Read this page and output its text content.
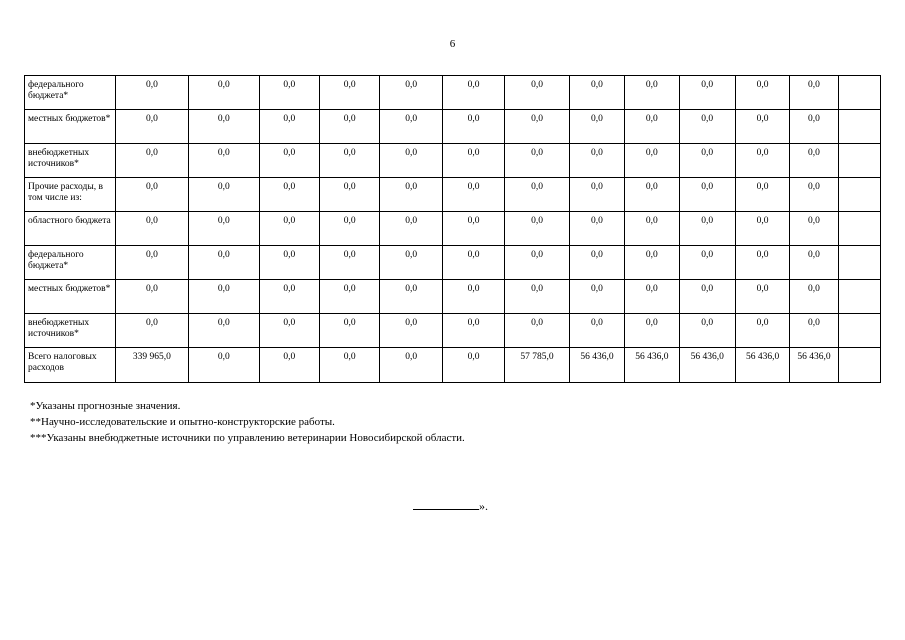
6
федерального бюджета*	0,0	0,0	0,0	0,0	0,0	0,0	0,0	0,0	0,0	0,0	0,0	0,0	
местных бюджетов*	0,0	0,0	0,0	0,0	0,0	0,0	0,0	0,0	0,0	0,0	0,0	0,0	
внебюджетных источников*	0,0	0,0	0,0	0,0	0,0	0,0	0,0	0,0	0,0	0,0	0,0	0,0	
Прочие расходы, в том числе из:	0,0	0,0	0,0	0,0	0,0	0,0	0,0	0,0	0,0	0,0	0,0	0,0	
областного бюджета	0,0	0,0	0,0	0,0	0,0	0,0	0,0	0,0	0,0	0,0	0,0	0,0	
федерального бюджета*	0,0	0,0	0,0	0,0	0,0	0,0	0,0	0,0	0,0	0,0	0,0	0,0	
местных бюджетов*	0,0	0,0	0,0	0,0	0,0	0,0	0,0	0,0	0,0	0,0	0,0	0,0	
внебюджетных источников*	0,0	0,0	0,0	0,0	0,0	0,0	0,0	0,0	0,0	0,0	0,0	0,0	
Всего налоговых расходов	339 965,0	0,0	0,0	0,0	0,0	0,0	57 785,0	56 436,0	56 436,0	56 436,0	56 436,0	56 436,0	
*Указаны прогнозные значения.
**Научно-исследовательские и опытно-конструкторские работы.
***Указаны внебюджетные источники по управлению ветеринарии Новосибирской области.
».
